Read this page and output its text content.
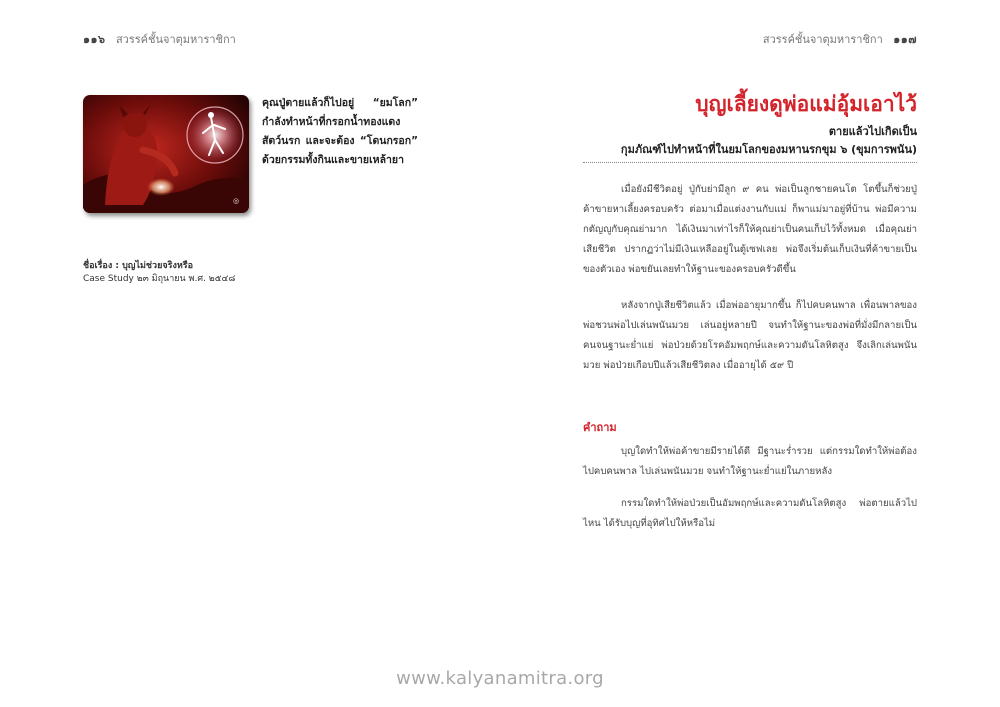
๑๑๖ สวรรค์ชั้นจาตุมหาราชิกา	สวรรค์ชั้นจาตุมหาราชิกา ๑๑๗
◎
คุณปู่ตายแล้วก็ไปอยู่ “ยมโลก” กำลังทำหน้าที่กรอกน้ำทองแดงสัตว์นรก และจะต้อง “โดนกรอก” ด้วยกรรมทั้งกินและขายเหล้ายา
ชื่อเรื่อง : บุญไม่ช่วยจริงหรือ
Case Study ๒๓ มิถุนายน พ.ศ. ๒๕๔๘
บุญเลี้ยงดูพ่อแม่อุ้มเอาไว้
ตายแล้วไปเกิดเป็น
กุมภัณฑ์ไปทำหน้าที่ในยมโลกของมหานรกขุม ๖ (ขุมการพนัน)
เมื่อยังมีชีวิตอยู่ ปู่กับย่ามีลูก ๙ คน พ่อเป็นลูกชายคนโต โตขึ้นก็ช่วยปู่ค้าขายหาเลี้ยงครอบครัว ต่อมาเมื่อแต่งงานกับแม่ ก็พาแม่มาอยู่ที่บ้าน พ่อมีความกตัญญูกับคุณย่ามาก ได้เงินมาเท่าไรก็ให้คุณย่าเป็นคนเก็บไว้ทั้งหมด เมื่อคุณย่าเสียชีวิต ปรากฏว่าไม่มีเงินเหลืออยู่ในตู้เซฟเลย พ่อจึงเริ่มต้นเก็บเงินที่ค้าขายเป็นของตัวเอง พ่อขยันเลยทำให้ฐานะของครอบครัวดีขึ้น
หลังจากปู่เสียชีวิตแล้ว เมื่อพ่ออายุมากขึ้น ก็ไปคบคนพาล เพื่อนพาลของพ่อชวนพ่อไปเล่นพนันมวย เล่นอยู่หลายปี จนทำให้ฐานะของพ่อที่มั่งมีกลายเป็นคนจนฐานะย่ำแย่ พ่อป่วยด้วยโรคอัมพฤกษ์และความดันโลหิตสูง จึงเลิกเล่นพนันมวย พ่อป่วยเกือบปีแล้วเสียชีวิตลง เมื่ออายุได้ ๕๙ ปี
คำถาม
บุญใดทำให้พ่อค้าขายมีรายได้ดี มีฐานะร่ำรวย แต่กรรมใดทำให้พ่อต้องไปคบคนพาล ไปเล่นพนันมวย จนทำให้ฐานะย่ำแย่ในภายหลัง
กรรมใดทำให้พ่อป่วยเป็นอัมพฤกษ์และความดันโลหิตสูง พ่อตายแล้วไปไหน ได้รับบุญที่อุทิศไปให้หรือไม่
www.kalyanamitra.org
